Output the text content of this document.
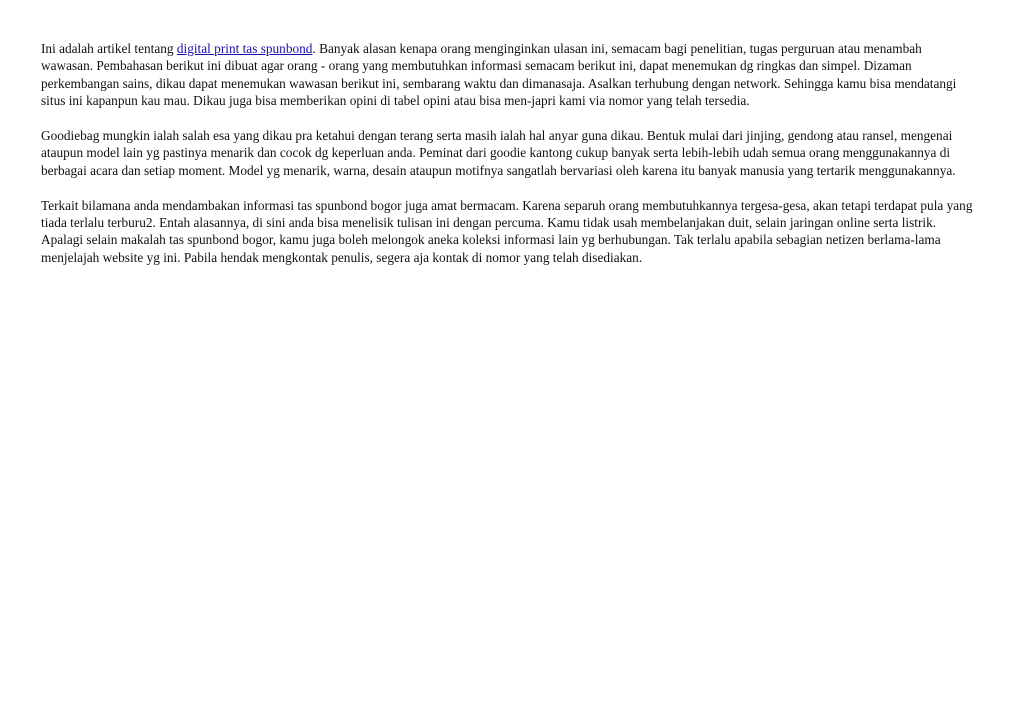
Ini adalah artikel tentang digital print tas spunbond. Banyak alasan kenapa orang menginginkan ulasan ini, semacam bagi penelitian, tugas perguruan atau menambah wawasan. Pembahasan berikut ini dibuat agar orang - orang yang membutuhkan informasi semacam berikut ini, dapat menemukan dg ringkas dan simpel. Dizaman perkembangan sains, dikau dapat menemukan wawasan berikut ini, sembarang waktu dan dimanasaja. Asalkan terhubung dengan network. Sehingga kamu bisa mendatangi situs ini kapanpun kau mau. Dikau juga bisa memberikan opini di tabel opini atau bisa men-japri kami via nomor yang telah tersedia.

Goodiebag mungkin ialah salah esa yang dikau pra ketahui dengan terang serta masih ialah hal anyar guna dikau. Bentuk mulai dari jinjing, gendong atau ransel, mengenai ataupun model lain yg pastinya menarik dan cocok dg keperluan anda. Peminat dari goodie kantong cukup banyak serta lebih-lebih udah semua orang menggunakannya di berbagai acara dan setiap moment. Model yg menarik, warna, desain ataupun motifnya sangatlah bervariasi oleh karena itu banyak manusia yang tertarik menggunakannya.

Terkait bilamana anda mendambakan informasi tas spunbond bogor juga amat bermacam. Karena separuh orang membutuhkannya tergesa-gesa, akan tetapi terdapat pula yang tiada terlalu terburu2. Entah alasannya, di sini anda bisa menelisik tulisan ini dengan percuma. Kamu tidak usah membelanjakan duit, selain jaringan online serta listrik. Apalagi selain makalah tas spunbond bogor, kamu juga boleh melongok aneka koleksi informasi lain yg berhubungan. Tak terlalu apabila sebagian netizen berlama-lama menjelajah website yg ini. Pabila hendak mengkontak penulis, segera aja kontak di nomor yang telah disediakan.
